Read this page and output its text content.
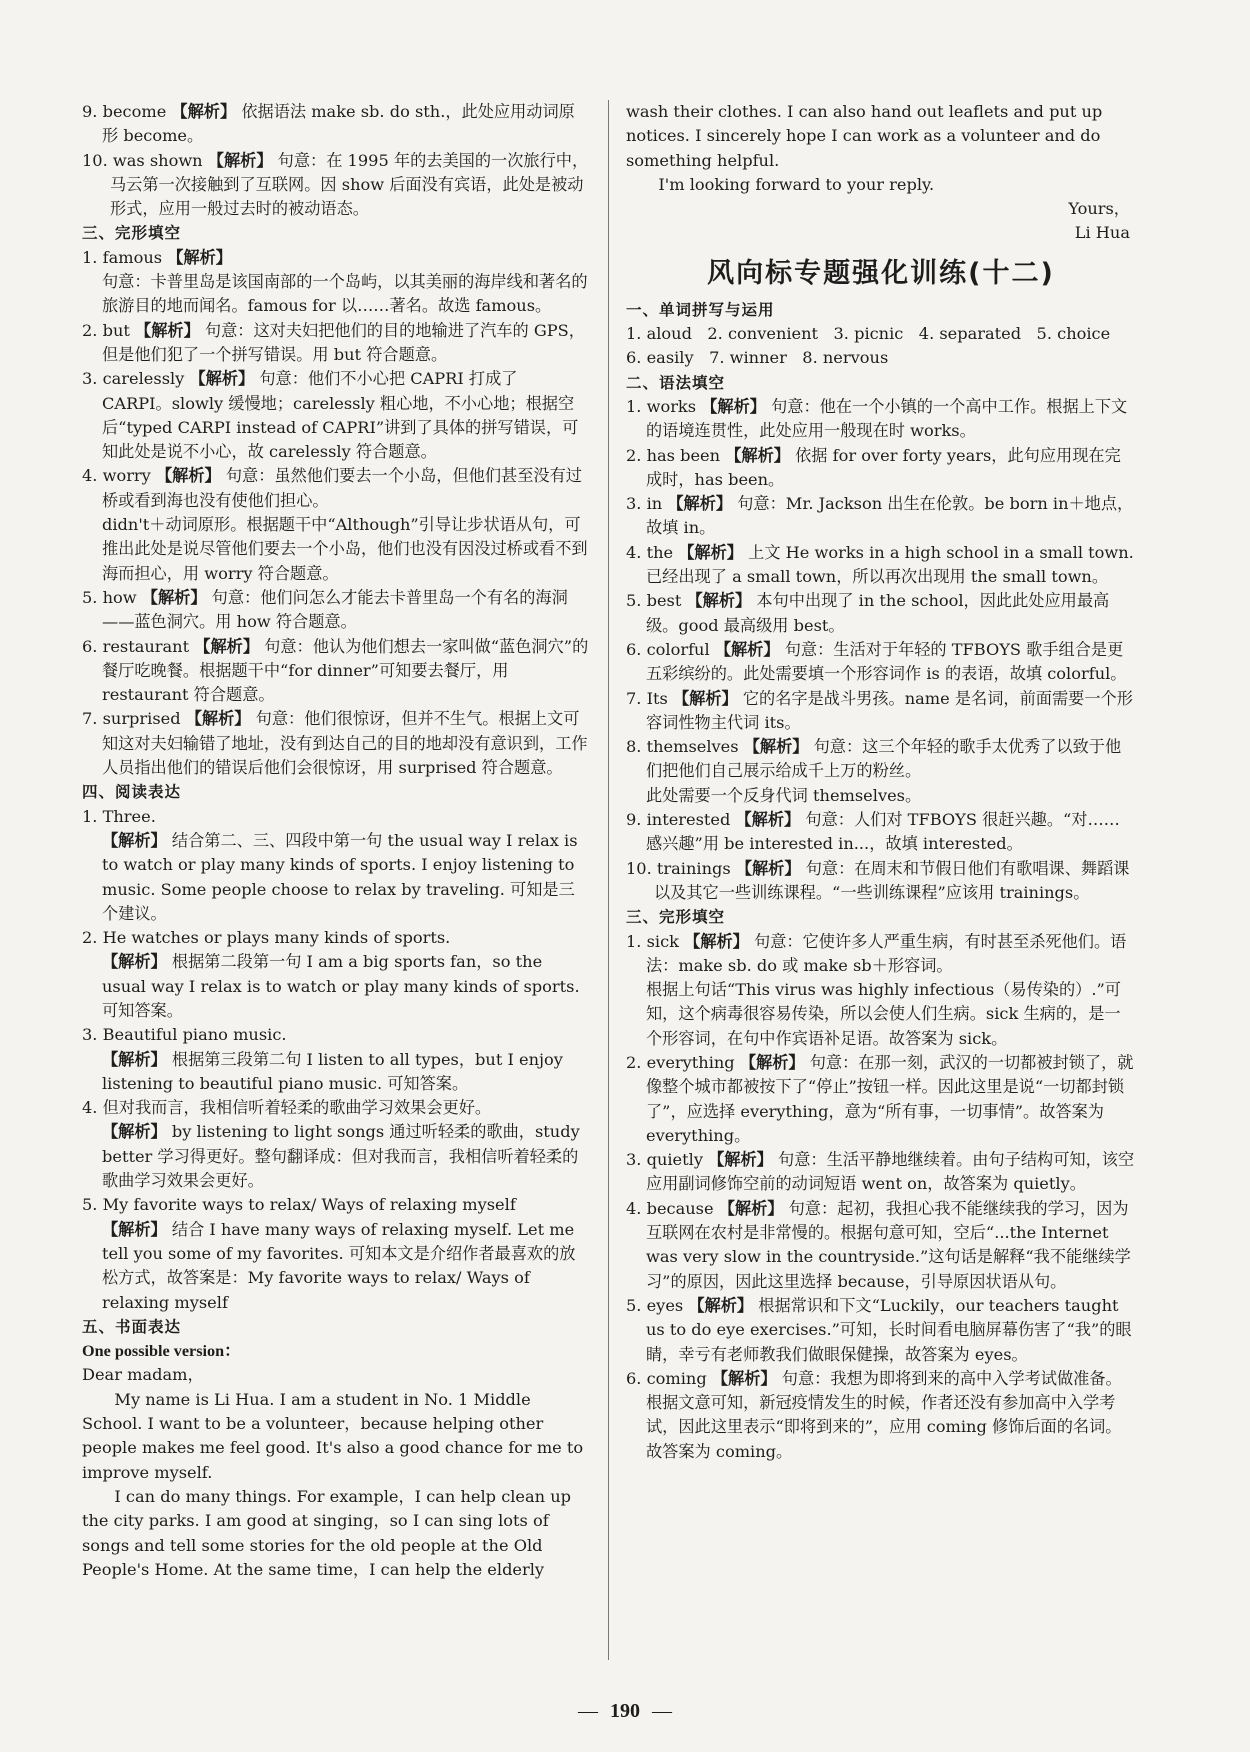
9. become 【解析】 依据语法 make sb. do sth.，此处应用动词原形 become。

10. was shown 【解析】 句意：在 1995 年的去美国的一次旅行中，马云第一次接触到了互联网。因 show 后面没有宾语，此处是被动形式，应用一般过去时的被动语态。

三、完形填空

1. famous 【解析】

句意：卡普里岛是该国南部的一个岛屿，以其美丽的海岸线和著名的旅游目的地而闻名。famous for 以……著名。故选 famous。

2. but 【解析】 句意：这对夫妇把他们的目的地输进了汽车的 GPS，但是他们犯了一个拼写错误。用 but 符合题意。

3. carelessly 【解析】 句意：他们不小心把 CAPRI 打成了 CARPI。slowly 缓慢地；carelessly 粗心地，不小心地；根据空后“typed CARPI instead of CAPRI”讲到了具体的拼写错误，可知此处是说不小心，故 carelessly 符合题意。

4. worry 【解析】 句意：虽然他们要去一个小岛，但他们甚至没有过桥或看到海也没有使他们担心。

didn't＋动词原形。根据题干中“Although”引导让步状语从句，可推出此处是说尽管他们要去一个小岛，他们也没有因没过桥或看不到海而担心，用 worry 符合题意。

5. how 【解析】 句意：他们问怎么才能去卡普里岛一个有名的海洞——蓝色洞穴。用 how 符合题意。

6. restaurant 【解析】 句意：他认为他们想去一家叫做“蓝色洞穴”的餐厅吃晚餐。根据题干中“for dinner”可知要去餐厅，用 restaurant 符合题意。

7. surprised 【解析】 句意：他们很惊讶，但并不生气。根据上文可知这对夫妇输错了地址，没有到达自己的目的地却没有意识到，工作人员指出他们的错误后他们会很惊讶，用 surprised 符合题意。

四、阅读表达

1. Three.

【解析】 结合第二、三、四段中第一句 the usual way I relax is to watch or play many kinds of sports. I enjoy listening to music. Some people choose to relax by traveling. 可知是三个建议。

2. He watches or plays many kinds of sports.

【解析】 根据第二段第一句 I am a big sports fan，so the usual way I relax is to watch or play many kinds of sports. 可知答案。

3. Beautiful piano music.

【解析】 根据第三段第二句 I listen to all types，but I enjoy listening to beautiful piano music. 可知答案。

4. 但对我而言，我相信听着轻柔的歌曲学习效果会更好。

【解析】 by listening to light songs 通过听轻柔的歌曲，study better 学习得更好。整句翻译成：但对我而言，我相信听着轻柔的歌曲学习效果会更好。

5. My favorite ways to relax/ Ways of relaxing myself

【解析】 结合 I have many ways of relaxing myself. Let me tell you some of my favorites. 可知本文是介绍作者最喜欢的放松方式，故答案是：My favorite ways to relax/ Ways of relaxing myself

五、书面表达

One possible version：

Dear madam，

My name is Li Hua. I am a student in No. 1 Middle School. I want to be a volunteer，because helping other people makes me feel good. It's also a good chance for me to improve myself.

I can do many things. For example，I can help clean up the city parks. I am good at singing，so I can sing lots of songs and tell some stories for the old people at the Old People's Home. At the same time，I can help the elderly

wash their clothes. I can also hand out leaflets and put up notices. I sincerely hope I can work as a volunteer and do something helpful.

I'm looking forward to your reply.

Yours，

Li Hua

风向标专题强化训练(十二)

一、单词拼写与运用

1. aloud   2. convenient   3. picnic   4. separated   5. choice

6. easily   7. winner   8. nervous

二、语法填空

1. works 【解析】 句意：他在一个小镇的一个高中工作。根据上下文的语境连贯性，此处应用一般现在时 works。

2. has been 【解析】 依据 for over forty years，此句应用现在完成时，has been。

3. in 【解析】 句意：Mr. Jackson 出生在伦敦。be born in＋地点，故填 in。

4. the 【解析】 上文 He works in a high school in a small town. 已经出现了 a small town，所以再次出现用 the small town。

5. best 【解析】 本句中出现了 in the school，因此此处应用最高级。good 最高级用 best。

6. colorful 【解析】 句意：生活对于年轻的 TFBOYS 歌手组合是更五彩缤纷的。此处需要填一个形容词作 is 的表语，故填 colorful。

7. Its 【解析】 它的名字是战斗男孩。name 是名词，前面需要一个形容词性物主代词 its。

8. themselves 【解析】 句意：这三个年轻的歌手太优秀了以致于他们把他们自己展示给成千上万的粉丝。

此处需要一个反身代词 themselves。

9. interested 【解析】 句意：人们对 TFBOYS 很赶兴趣。“对……感兴趣”用 be interested in...，故填 interested。

10. trainings 【解析】 句意：在周末和节假日他们有歌唱课、舞蹈课以及其它一些训练课程。“一些训练课程”应该用 trainings。

三、完形填空

1. sick 【解析】 句意：它使许多人严重生病，有时甚至杀死他们。语法：make sb. do 或 make sb＋形容词。

根据上句话“This virus was highly infectious（易传染的）.”可知，这个病毒很容易传染，所以会使人们生病。sick 生病的，是一个形容词，在句中作宾语补足语。故答案为 sick。

2. everything 【解析】 句意：在那一刻，武汉的一切都被封锁了，就像整个城市都被按下了“停止”按钮一样。因此这里是说“一切都封锁了”，应选择 everything，意为“所有事，一切事情”。故答案为 everything。

3. quietly 【解析】 句意：生活平静地继续着。由句子结构可知，该空应用副词修饰空前的动词短语 went on，故答案为 quietly。

4. because 【解析】 句意：起初，我担心我不能继续我的学习，因为互联网在农村是非常慢的。根据句意可知，空后“...the Internet was very slow in the countryside.”这句话是解释“我不能继续学习”的原因，因此这里选择 because，引导原因状语从句。

5. eyes 【解析】 根据常识和下文“Luckily，our teachers taught us to do eye exercises.”可知，长时间看电脑屏幕伤害了“我”的眼睛，幸亏有老师教我们做眼保健操，故答案为 eyes。

6. coming 【解析】 句意：我想为即将到来的高中入学考试做准备。根据文意可知，新冠疫情发生的时候，作者还没有参加高中入学考试，因此这里表示“即将到来的”，应用 coming 修饰后面的名词。故答案为 coming。

— 190 —
